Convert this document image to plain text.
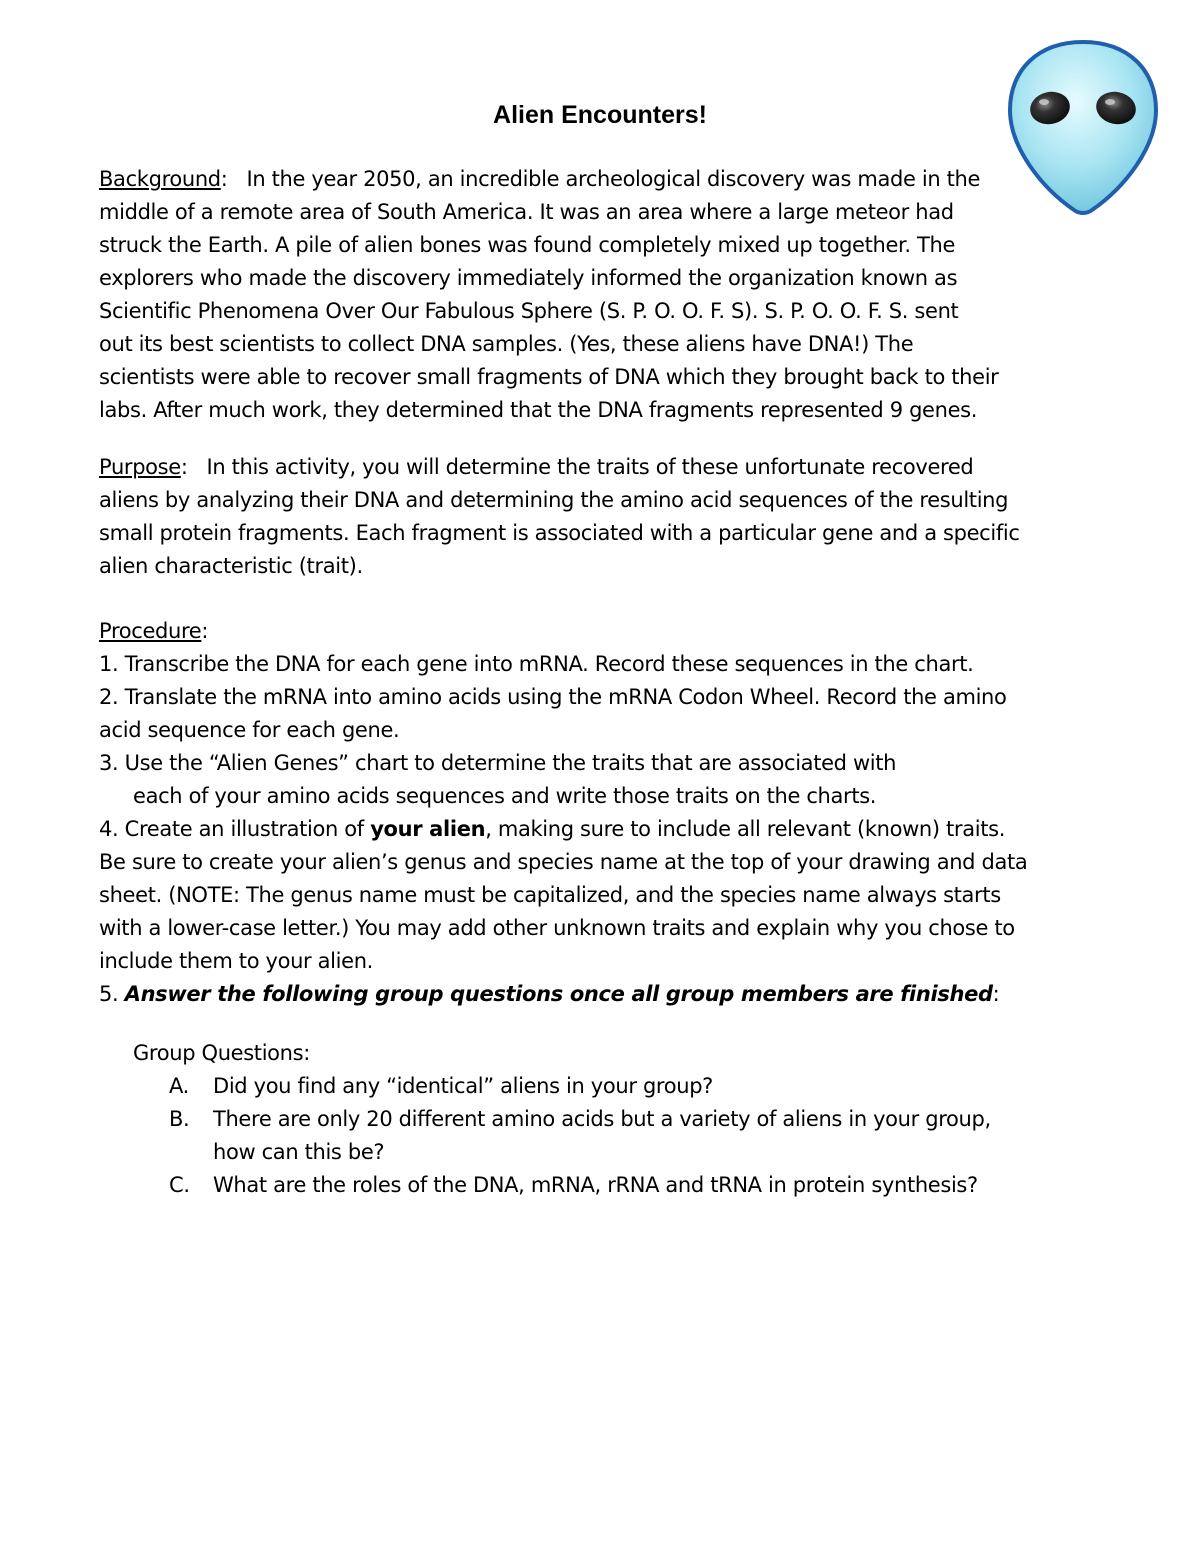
Alien Encounters!
Background:   In the year 2050, an incredible archeological discovery was made in the
middle of a remote area of South America. It was an area where a large meteor had
struck the Earth. A pile of alien bones was found completely mixed up together. The
explorers who made the discovery immediately informed the organization known as
Scientific Phenomena Over Our Fabulous Sphere (S. P. O. O. F. S). S. P. O. O. F. S. sent
out its best scientists to collect DNA samples. (Yes, these aliens have DNA!) The
scientists were able to recover small fragments of DNA which they brought back to their
labs. After much work, they determined that the DNA fragments represented 9 genes.
Purpose:   In this activity, you will determine the traits of these unfortunate recovered
aliens by analyzing their DNA and determining the amino acid sequences of the resulting
small protein fragments. Each fragment is associated with a particular gene and a specific
alien characteristic (trait).
Procedure:
1. Transcribe the DNA for each gene into mRNA. Record these sequences in the chart.
2. Translate the mRNA into amino acids using the mRNA Codon Wheel. Record the amino
acid sequence for each gene.
3. Use the “Alien Genes” chart to determine the traits that are associated with
each of your amino acids sequences and write those traits on the charts.
4. Create an illustration of your alien, making sure to include all relevant (known) traits.
Be sure to create your alien’s genus and species name at the top of your drawing and data
sheet. (NOTE: The genus name must be capitalized, and the species name always starts
with a lower-case letter.) You may add other unknown traits and explain why you chose to
include them to your alien.
5. Answer the following group questions once all group members are finished:
Group Questions:
A. Did you find any “identical” aliens in your group?
B. There are only 20 different amino acids but a variety of aliens in your group,
how can this be?
C. What are the roles of the DNA, mRNA, rRNA and tRNA in protein synthesis?
